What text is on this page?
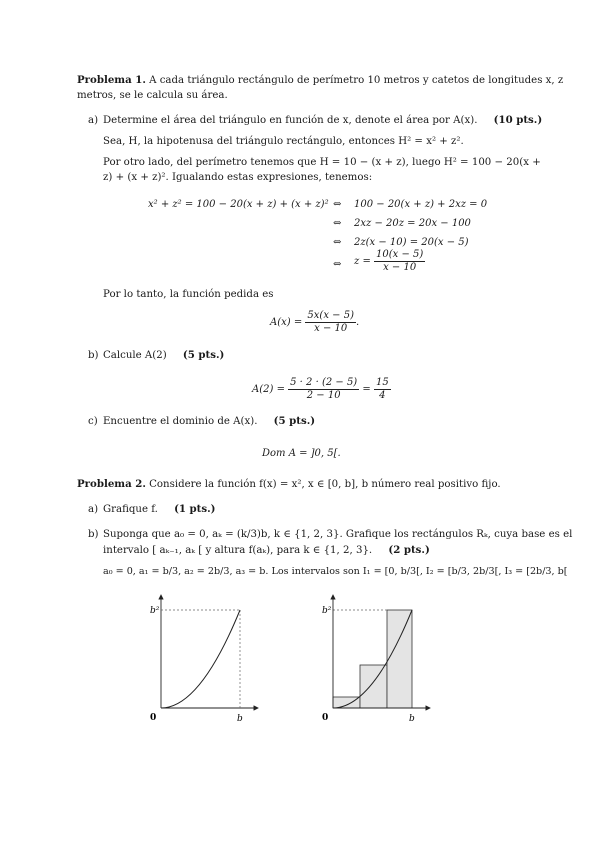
Problema 1. A cada triángulo rectángulo de perímetro 10 metros y catetos de longitudes x, z

metros, se le calcula su área.

a) Determine el área del triángulo en función de x, denote el área por A(x). (10 pts.)

Sea, H, la hipotenusa del triángulo rectángulo, entonces H² = x² + z².

Por otro lado, del perímetro tenemos que H = 10 − (x + z), luego H² = 100 − 20(x +

z) + (x + z)². Igualando estas expresiones, tenemos:

x² + z² = 100 − 20(x + z) + (x + z)² ⇔ 100 − 20(x + z) + 2xz = 0

⇔ 2xz − 20z = 20x − 100

⇔ 2z(x − 10) = 20(x − 5)

⇔ $z = \frac{10(x - 5)}{x - 10}$

Por lo tanto, la función pedida es

$A(x) = \frac{5x(x - 5)}{x - 10}$ .

b) Calcule A(2) (5 pts.)

$A(2) = \frac{5 \cdot 2 \cdot (2 - 5)}{2 - 10} = \frac{15}{4}$

c) Encuentre el dominio de A(x). (5 pts.)

Dom A = ]0, 5[.

Problema 2. Considere la función f(x) = x², x ∈ [0, b], b número real positivo fijo.

a) Grafique f. (1 pts.)

b) Suponga que a₀ = 0, aₖ = (k/3)b, k ∈ {1, 2, 3}. Grafique los rectángulos Rₖ, cuya base es el

intervalo [ aₖ₋₁, aₖ [ y altura f(aₖ), para k ∈ {1, 2, 3}. (2 pts.)

a₀ = 0, a₁ = b/3, a₂ = 2b/3, a₃ = b. Los intervalos son I₁ = [0, b/3[, I₂ = [b/3, 2b/3[, I₃ = [2b/3, b[

0	b
b²
0	b
b²
